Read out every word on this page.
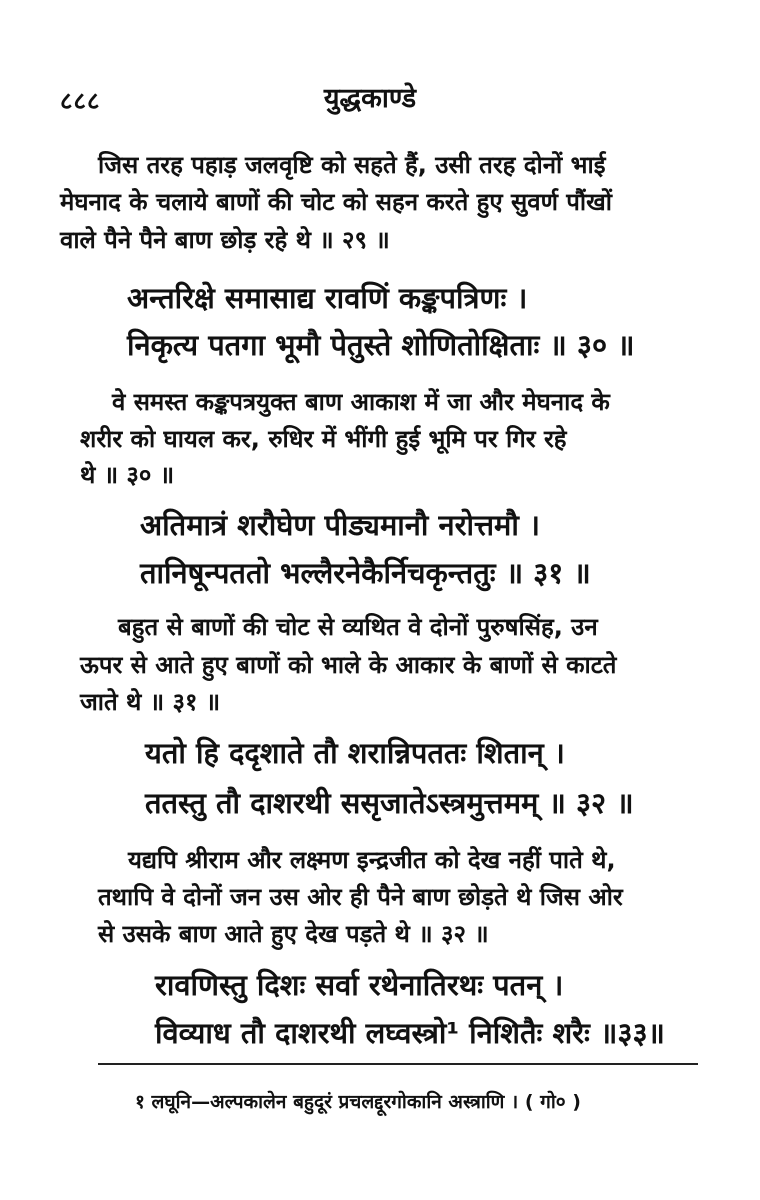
८८८	युद्धकाण्डे
जिस तरह पहाड़ जलवृष्टि को सहते हैं, उसी तरह दोनों भाई
मेघनाद के चलाये बाणों की चोट को सहन करते हुए सुवर्ण पौंखों
वाले पैने पैने बाण छोड़ रहे थे ॥ २९ ॥
अन्तरिक्षे समासाद्य रावणिं कङ्कपत्रिणः ।
निकृत्य पतगा भूमौ पेतुस्ते शोणितोक्षिताः ॥ ३० ॥
वे समस्त कङ्कपत्रयुक्त बाण आकाश में जा और मेघनाद के
शरीर को घायल कर, रुधिर में भींगी हुई भूमि पर गिर रहे
थे ॥ ३० ॥
अतिमात्रं शरौघेण पीड्यमानौ नरोत्तमौ ।
तानिषून्पततो भल्लैरनेकैर्निचकृन्ततुः ॥ ३१ ॥
बहुत से बाणों की चोट से व्यथित वे दोनों पुरुषसिंह, उन
ऊपर से आते हुए बाणों को भाले के आकार के बाणों से काटते
जाते थे ॥ ३१ ॥
यतो हि ददृशाते तौ शरान्निपततः शितान् ।
ततस्तु तौ दाशरथी ससृजातेऽस्त्रमुत्तमम् ॥ ३२ ॥
यद्यपि श्रीराम और लक्ष्मण इन्द्रजीत को देख नहीं पाते थे,
तथापि वे दोनों जन उस ओर ही पैने बाण छोड़ते थे जिस ओर
से उसके बाण आते हुए देख पड़ते थे ॥ ३२ ॥
रावणिस्तु दिशः सर्वा रथेनातिरथः पतन् ।
विव्याध तौ दाशरथी लघ्वस्त्रो¹ निशितैः शरैः ॥३३॥
१ लघूनि—अल्पकालेन बहुदूरं प्रचलद्दूरगोकानि अस्त्राणि । ( गो० )
